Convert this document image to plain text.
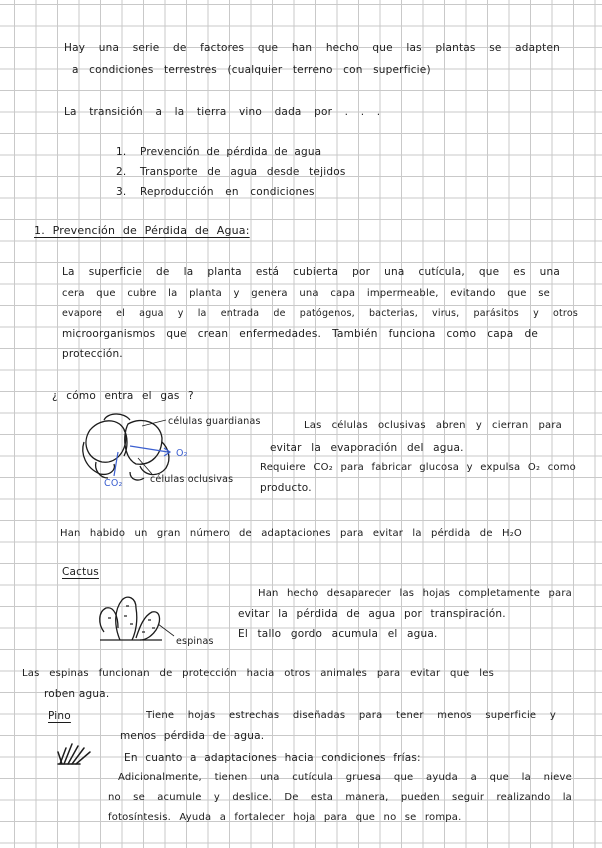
Hay una serie de factores que han hecho que las plantas se adapten
a condiciones terrestres (cualquier terreno con superficie)
La transición a la tierra vino dada por . . .
1. Prevención de pérdida de agua
2. Transporte de agua desde tejidos
3. Reproducción en condiciones
1. Prevención de Pérdida de Agua:
La superficie de la planta está cubierta por una cutícula, que es una
cera que cubre la planta y genera una capa impermeable, evitando que se
evapore el agua y la entrada de patógenos, bacterias, virus, parásitos y otros
microorganismos que crean enfermedades. También funciona como capa de
protección.
¿ cómo entra el gas ?
células guardianas
O₂
CO₂	células oclusivas
Las células oclusivas abren y cierran para
evitar la evaporación del agua.
Requiere CO₂ para fabricar glucosa y expulsa O₂ como
producto.
Han habido un gran número de adaptaciones para evitar la pérdida de H₂O
Cactus
espinas
Han hecho desaparecer las hojas completamente para
evitar la pérdida de agua por transpiración.
El tallo gordo acumula el agua.
Las espinas funcionan de protección hacia otros animales para evitar que les
roben agua.
Pino	Tiene hojas estrechas diseñadas para tener menos superficie y
menos pérdida de agua.
En cuanto a adaptaciones hacia condiciones frías:
Adicionalmente, tienen una cutícula gruesa que ayuda a que la nieve
no se acumule y deslice. De esta manera, pueden seguir realizando la
fotosíntesis. Ayuda a fortalecer hoja para que no se rompa.
